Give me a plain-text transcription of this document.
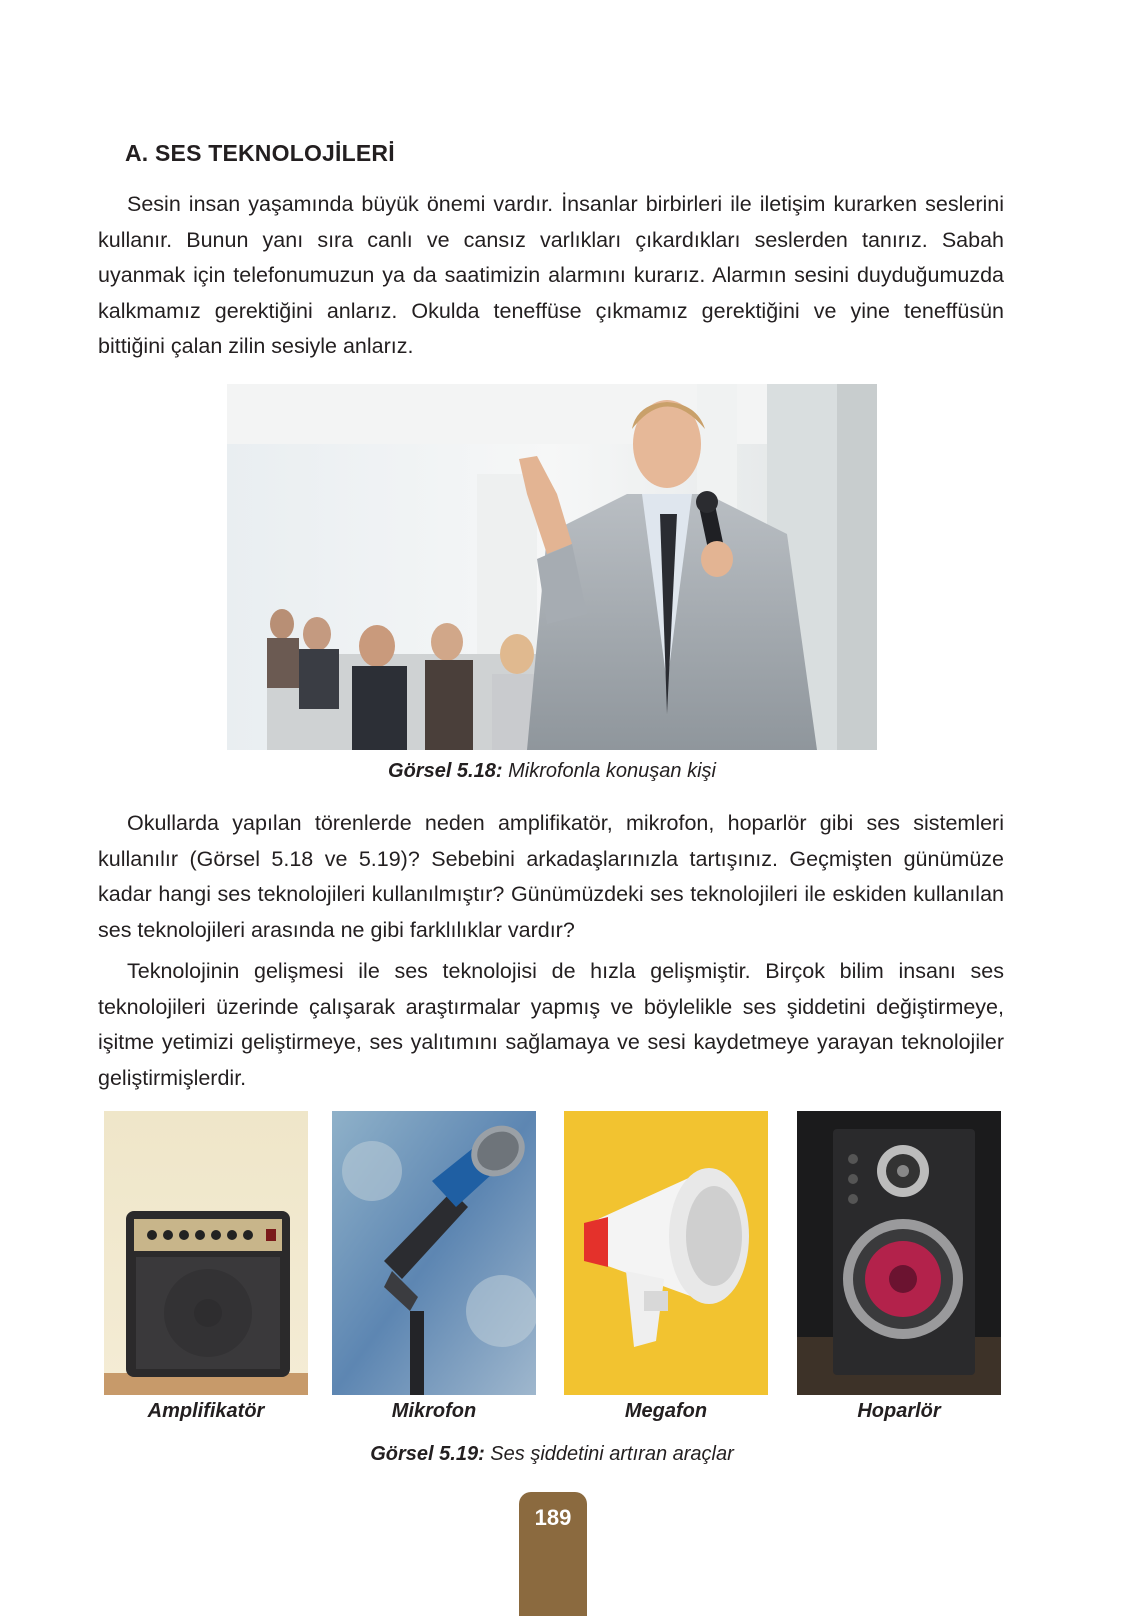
A. SES TEKNOLOJİLERİ

Sesin insan yaşamında büyük önemi vardır. İnsanlar birbirleri ile iletişim kurarken seslerini kullanır. Bunun yanı sıra canlı ve cansız varlıkları çıkardıkları seslerden tanırız. Sabah uyanmak için telefonumuzun ya da saatimizin alarmını kurarız. Alarmın sesini duyduğumuzda kalkmamız gerektiğini anlarız. Okulda teneffüse çıkmamız gerektiğini ve yine teneffüsün bittiğini çalan zilin sesiyle anlarız.

Görsel 5.18: Mikrofonla konuşan kişi

Okullarda yapılan törenlerde neden amplifikatör, mikrofon, hoparlör gibi ses sistemleri kullanılır (Görsel 5.18 ve 5.19)? Sebebini arkadaşlarınızla tartışınız. Geçmişten günümüze kadar hangi ses teknolojileri kullanılmıştır? Günümüzdeki ses teknolojileri ile eskiden kullanılan ses teknolojileri arasında ne gibi farklılıklar vardır?

Teknolojinin gelişmesi ile ses teknolojisi de hızla gelişmiştir. Birçok bilim insanı ses teknolojileri üzerinde çalışarak araştırmalar yapmış ve böylelikle ses şiddetini değiştirmeye, işitme yetimizi geliştirmeye, ses yalıtımını sağlamaya ve sesi kaydetmeye yarayan teknolojiler geliştirmişlerdir.

Amplifikatör	Mikrofon	Megafon	Hoparlör
Görsel 5.19: Ses şiddetini artıran araçlar
189
